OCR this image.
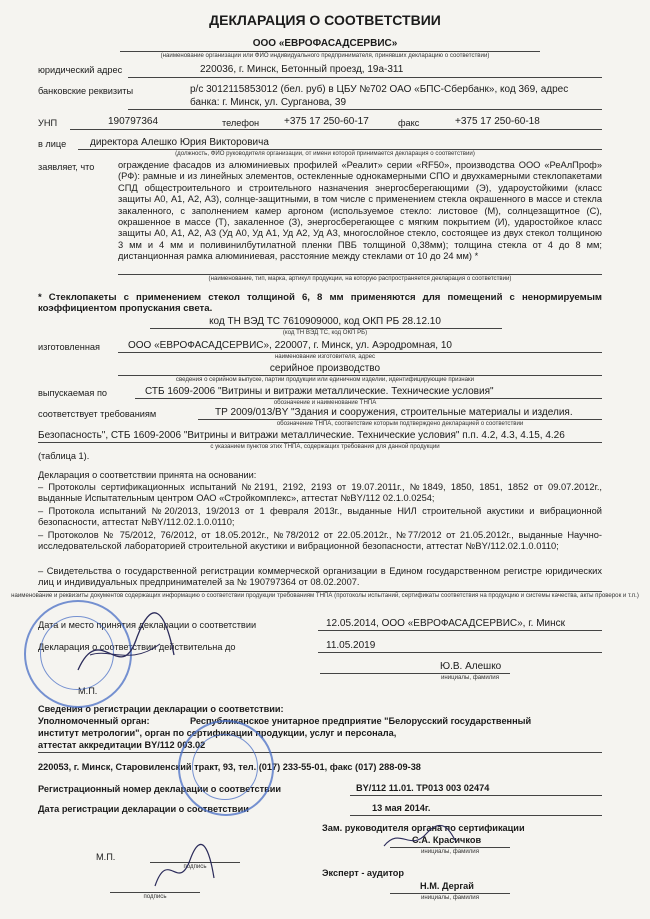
ДЕКЛАРАЦИЯ О СООТВЕТСТВИИ
ООО «ЕВРОФАСАДСЕРВИС»
(наименование организации или ФИО индивидуального предпринимателя, принявших декларацию о соответствии)
юридический адрес	220036, г. Минск, Бетонный проезд, 19а-311
банковские реквизиты	р/с 3012115853012 (бел. руб) в ЦБУ №702 ОАО «БПС-Сбербанк», код 369, адрес
банка: г. Минск, ул. Сурганова, 39
УНП	190797364	телефон +375 17 250-60-17	факс	+375 17 250-60-18
в лице директора Алешко Юрия Викторовича
(должность, ФИО руководителя организации, от имени которой принимается декларация о соответствии)
заявляет, что	ограждение фасадов из алюминиевых профилей «Реалит» серии «RF50», производства ООО «РеАлПроф» (РФ): рамные и из линейных элементов, остекленные однокамерными СПО и двухкамерными стеклопакетами СПД общестроительного и строительного назначения энергосберегающими (Э), удароустойкими (класс защиты А0, А1, А2, А3), солнце-защитными, в том числе с применением стекла окрашенного в массе и стекла закаленного, с заполнением камер аргоном (используемое стекло: листовое (М), солнцезащитное (С), окрашенное в массе (Т), закаленное (З), энергосберегающее с мягким покрытием (И), ударостойкое класс защиты А0, А1, А2, А3 (Уд А0, Уд А1, Уд А2, Уд А3, многослойное стекло, состоящее из двух стекол толщиною 3 мм и 4 мм и поливинилбутилатной пленки ПВБ толщиной 0,38мм); толщина стекла от 4 до 8 мм; дистанционная рамка алюминиевая, расстояние между стеклами от 10 до 24 мм) *
(наименование, тип, марка, артикул продукции, на которую распространяется декларация о соответствии)
* Стеклопакеты с применением стекол толщиной 6, 8 мм применяются для помещений с ненормируемым коэффициентом пропускания света.
код ТН ВЭД ТС 7610909000, код ОКП РБ 28.12.10
(код ТН ВЭД ТС, код ОКП РБ)
изготовленная	ООО «ЕВРОФАСАДСЕРВИС», 220007, г. Минск, ул. Аэродромная, 10
наименование изготовителя, адрес
серийное производство
сведения о серийном выпуске, партии продукции или единичном изделии, идентифицирующие признаки
выпускаемая по	СТБ 1609-2006 "Витрины и витражи металлические. Технические условия"
обозначение и наименование ТНПА
соответствует требованиям	ТР 2009/013/BY "Здания и сооружения, строительные материалы и изделия.
обозначение ТНПА, соответствие которым подтверждено декларацией о соответствии
Безопасность", СТБ 1609-2006 "Витрины и витражи металлические. Технические условия" п.п. 4.2, 4.3, 4.15, 4.26
с указанием пунктов этих ТНПА, содержащих требования для данной продукции
(таблица 1).
Декларация о соответствии принята на основании:
– Протоколы сертификационных испытаний №2191, 2192, 2193 от 19.07.2011г., №1849, 1850, 1851, 1852 от 09.07.2012г., выданные Испытательным центром ОАО «Стройкомплекс», аттестат №BY/112 02.1.0.0254;
– Протокола испытаний №20/2013, 19/2013 от 1 февраля 2013г., выданные НИЛ строительной акустики и вибрационной безопасности, аттестат №BY/112.02.1.0.0110;
– Протоколов № 75/2012, 76/2012, от 18.05.2012г., №78/2012 от 22.05.2012г., №77/2012 от 21.05.2012г., выданные Научно-исследовательской лабораторией строительной акустики и вибрационной безопасности, аттестат №BY/112.02.1.0.0110;
– Свидетельства о государственной регистрации коммерческой организации в Едином государственном регистре юридических лиц и индивидуальных предпринимателей за № 190797364 от 08.02.2007.
наименование и реквизиты документов содержащих информацию о соответствии продукции требованиям ТНПА (протоколы испытаний, сертификаты соответствия на продукцию и системы качества, акты проверок и т.п.)
Дата и место принятия декларации о соответствии	12.05.2014, ООО «ЕВРОФАСАДСЕРВИС», г. Минск
Декларация о соответствии действительна до	11.05.2019
Ю.В. Алешко
инициалы, фамилия
М.П.
Сведения о регистрации декларации о соответствии:
Уполномоченный орган:	Республиканское унитарное предприятие "Белорусский государственный
институт метрологии", орган по сертификации продукции, услуг и персонала,
аттестат аккредитации BY/112 003.02
220053, г. Минск, Старовиленский тракт, 93, тел. (017) 233-55-01, факс (017) 288-09-38
Регистрационный номер декларации о соответствии	BY/112 11.01. ТР013 003 02474
Дата регистрации декларации о соответствии	13 мая 2014г.
Зам. руководителя органа по сертификации
С.А. Красичков
инициалы, фамилия
М.П.
подпись
Эксперт - аудитор
Н.М. Дергай
инициалы, фамилия
подпись
